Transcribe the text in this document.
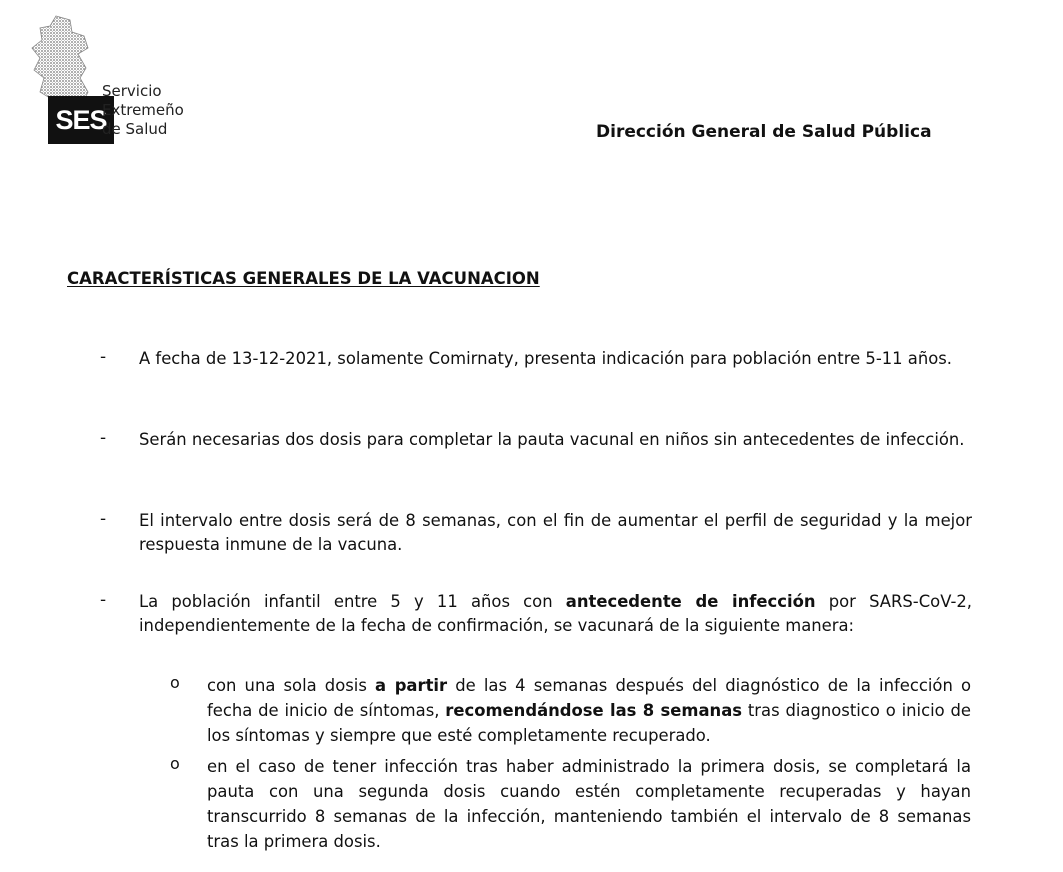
SES
Servicio
Extremeño
de Salud	Dirección General de Salud Pública
CARACTERÍSTICAS GENERALES DE LA VACUNACION
- A fecha de 13-12-2021, solamente Comirnaty, presenta indicación para población entre 5-11 años.
- Serán necesarias dos dosis para completar la pauta vacunal en niños sin antecedentes de infección.
- El intervalo entre dosis será de 8 semanas, con el fin de aumentar el perfil de seguridad y la mejor respuesta inmune de la vacuna.
- La población infantil entre 5 y 11 años con antecedente de infección por SARS-CoV-2, independientemente de la fecha de confirmación, se vacunará de la siguiente manera:
o con una sola dosis a partir de las 4 semanas después del diagnóstico de la infección o fecha de inicio de síntomas, recomendándose las 8 semanas tras diagnostico o inicio de los síntomas y siempre que esté completamente recuperado.
o en el caso de tener infección tras haber administrado la primera dosis, se completará la pauta con una segunda dosis cuando estén completamente recuperadas y hayan transcurrido 8 semanas de la infección, manteniendo también el intervalo de 8 semanas tras la primera dosis.
